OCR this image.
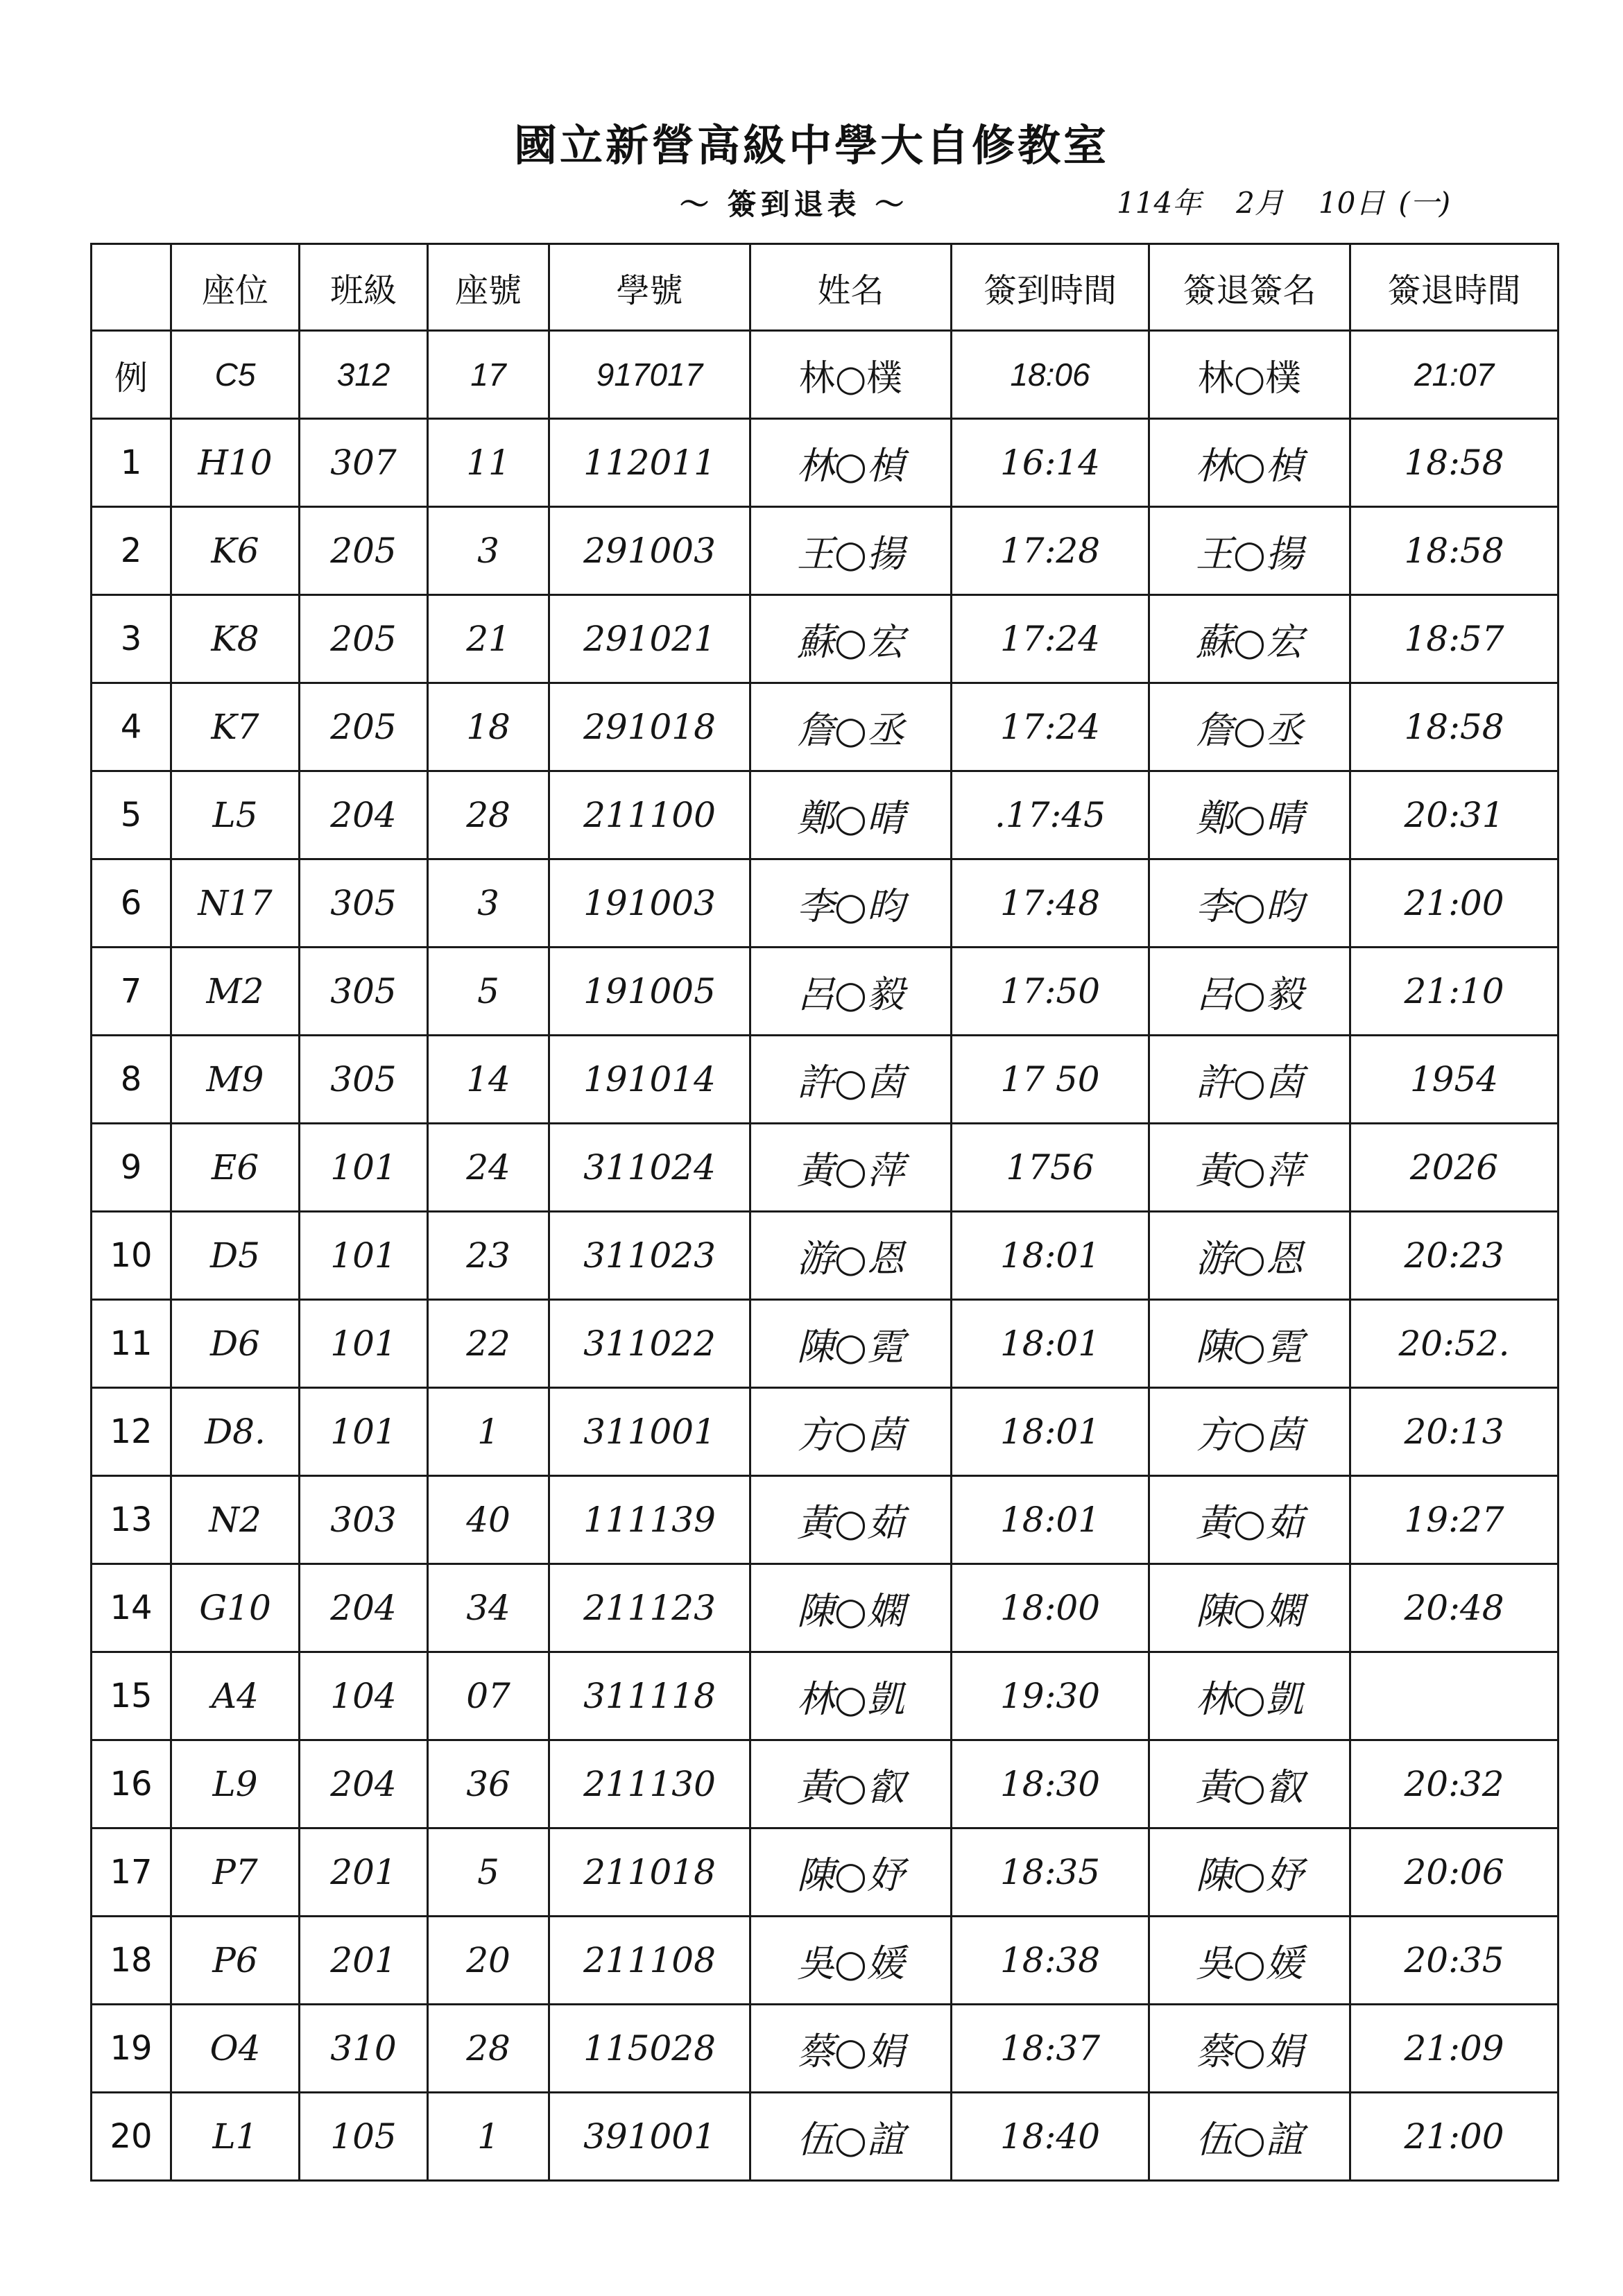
國立新營高級中學大自修教室
〜 簽到退表 〜	114年 2月 10日 (一)
	座位	班級	座號	學號	姓名	簽到時間	簽退簽名	簽退時間
例	C5	312	17	917017	林○樸	18:06	林○樸	21:07
1	H10	307	11	112011	林○楨	16:14	林○楨	18:58
2	K6	205	3	291003	王○揚	17:28	王○揚	18:58
3	K8	205	21	291021	蘇○宏	17:24	蘇○宏	18:57
4	K7	205	18	291018	詹○丞	17:24	詹○丞	18:58
5	L5	204	28	211100	鄭○晴	.17:45	鄭○晴	20:31
6	N17	305	3	191003	李○昀	17:48	李○昀	21:00
7	M2	305	5	191005	呂○毅	17:50	呂○毅	21:10
8	M9	305	14	191014	許○茵	17 50	許○茵	1954
9	E6	101	24	311024	黃○萍	1756	黃○萍	2026
10	D5	101	23	311023	游○恩	18:01	游○恩	20:23
11	D6	101	22	311022	陳○霓	18:01	陳○霓	20:52.
12	D8.	101	1	311001	方○茵	18:01	方○茵	20:13
13	N2	303	40	111139	黃○茹	18:01	黃○茹	19:27
14	G10	204	34	211123	陳○嫻	18:00	陳○嫻	20:48
15	A4	104	07	311118	林○凱	19:30	林○凱	
16	L9	204	36	211130	黃○叡	18:30	黃○叡	20:32
17	P7	201	5	211018	陳○妤	18:35	陳○妤	20:06
18	P6	201	20	211108	吳○媛	18:38	吳○媛	20:35
19	O4	310	28	115028	蔡○娟	18:37	蔡○娟	21:09
20	L1	105	1	391001	伍○誼	18:40	伍○誼	21:00
